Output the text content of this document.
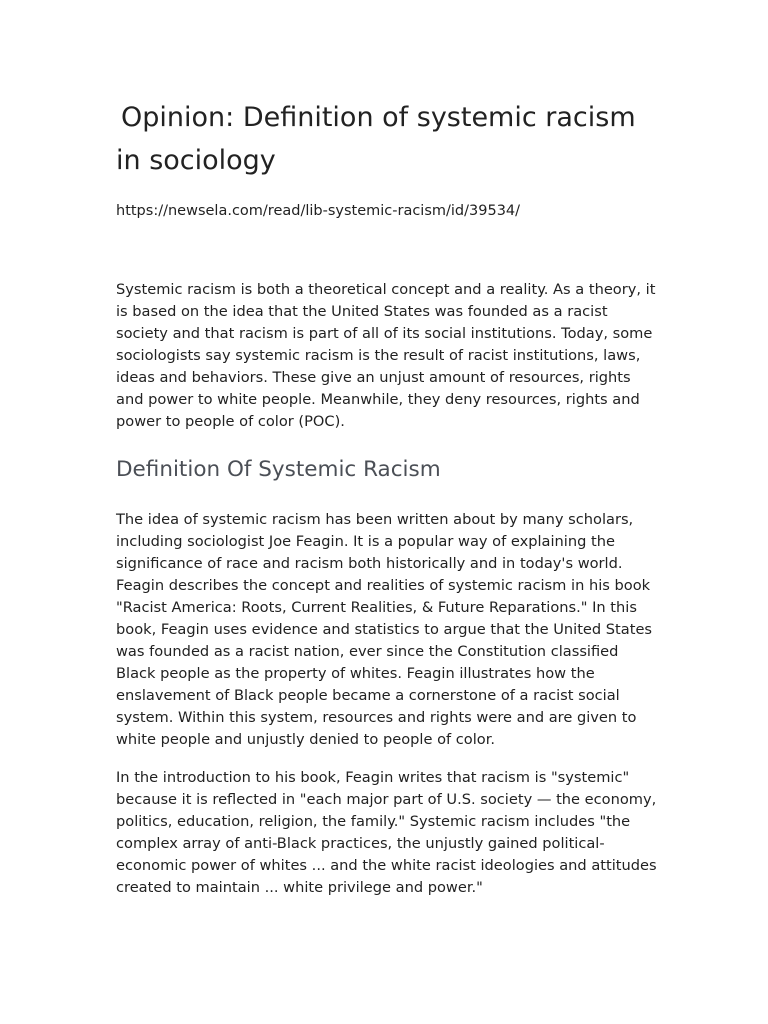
Opinion: Definition of systemic racism in sociology

https://newsela.com/read/lib-systemic-racism/id/39534/

Systemic racism is both a theoretical concept and a reality. As a theory, it is based on the idea that the United States was founded as a racist society and that racism is part of all of its social institutions. Today, some sociologists say systemic racism is the result of racist institutions, laws, ideas and behaviors. These give an unjust amount of resources, rights and power to white people. Meanwhile, they deny resources, rights and power to people of color (POC).

Definition Of Systemic Racism

The idea of systemic racism has been written about by many scholars, including sociologist Joe Feagin. It is a popular way of explaining the significance of race and racism both historically and in today's world. Feagin describes the concept and realities of systemic racism in his book "Racist America: Roots, Current Realities, & Future Reparations." In this book, Feagin uses evidence and statistics to argue that the United States was founded as a racist nation, ever since the Constitution classified Black people as the property of whites. Feagin illustrates how the enslavement of Black people became a cornerstone of a racist social system. Within this system, resources and rights were and are given to white people and unjustly denied to people of color.

In the introduction to his book, Feagin writes that racism is "systemic" because it is reflected in "each major part of U.S. society — the economy, politics, education, religion, the family." Systemic racism includes "the complex array of anti-Black practices, the unjustly gained political-economic power of whites ... and the white racist ideologies and attitudes created to maintain ... white privilege and power."
